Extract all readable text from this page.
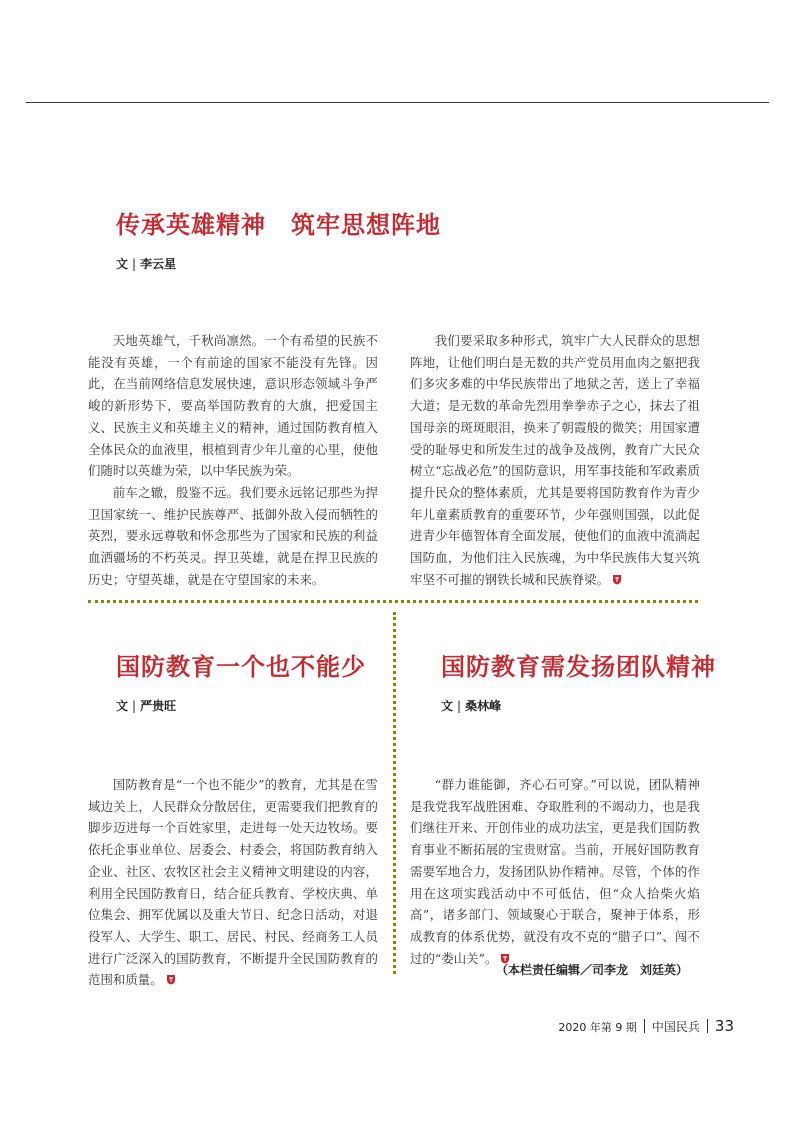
传承英雄精神　筑牢思想阵地
文 | 李云星

天地英雄气，千秋尚凛然。一个有希望的民族不能没有英雄，一个有前途的国家不能没有先锋。因此，在当前网络信息发展快速，意识形态领域斗争严峻的新形势下，要高举国防教育的大旗，把爱国主义、民族主义和英雄主义的精神，通过国防教育植入全体民众的血液里，根植到青少年儿童的心里，使他们随时以英雄为荣，以中华民族为荣。

前车之辙，殷鉴不远。我们要永远铭记那些为捍卫国家统一、维护民族尊严、抵御外敌入侵而牺牲的英烈，要永远尊敬和怀念那些为了国家和民族的利益血洒疆场的不朽英灵。捍卫英雄，就是在捍卫民族的历史；守望英雄，就是在守望国家的未来。

我们要采取多种形式，筑牢广大人民群众的思想阵地，让他们明白是无数的共产党员用血肉之躯把我们多灾多难的中华民族带出了地狱之苦，送上了幸福大道；是无数的革命先烈用拳拳赤子之心，抹去了祖国母亲的斑斑眼泪，换来了朝霞般的微笑；用国家遭受的耻辱史和所发生过的战争及战例，教育广大民众树立“忘战必危”的国防意识，用军事技能和军政素质提升民众的整体素质，尤其是要将国防教育作为青少年儿童素质教育的重要环节，少年强则国强，以此促进青少年德智体育全面发展，使他们的血液中流淌起国防血，为他们注入民族魂，为中华民族伟大复兴筑牢坚不可摧的钢铁长城和民族脊梁。

国防教育一个也不能少
文 | 严贵旺

国防教育是“一个也不能少”的教育，尤其是在雪域边关上，人民群众分散居住，更需要我们把教育的脚步迈进每一个百姓家里，走进每一处天边牧场。要依托企事业单位、居委会、村委会，将国防教育纳入企业、社区、农牧区社会主义精神文明建设的内容，利用全民国防教育日，结合征兵教育、学校庆典、单位集会、拥军优属以及重大节日、纪念日活动，对退役军人、大学生、职工、居民、村民、经商务工人员进行广泛深入的国防教育，不断提升全民国防教育的范围和质量。

国防教育需发扬团队精神
文 | 桑林峰

“群力谁能御，齐心石可穿。”可以说，团队精神是我党我军战胜困难、夺取胜利的不竭动力，也是我们继往开来、开创伟业的成功法宝，更是我们国防教育事业不断拓展的宝贵财富。当前，开展好国防教育需要军地合力，发扬团队协作精神。尽管，个体的作用在这项实践活动中不可低估，但“众人拾柴火焰高”，诸多部门、领域聚心于联合，聚神于体系，形成教育的体系优势，就没有攻不克的“腊子口”、闯不过的“娄山关”。

（本栏责任编辑／司李龙　刘廷英）
2020 年第 9 期 中国民兵 33
